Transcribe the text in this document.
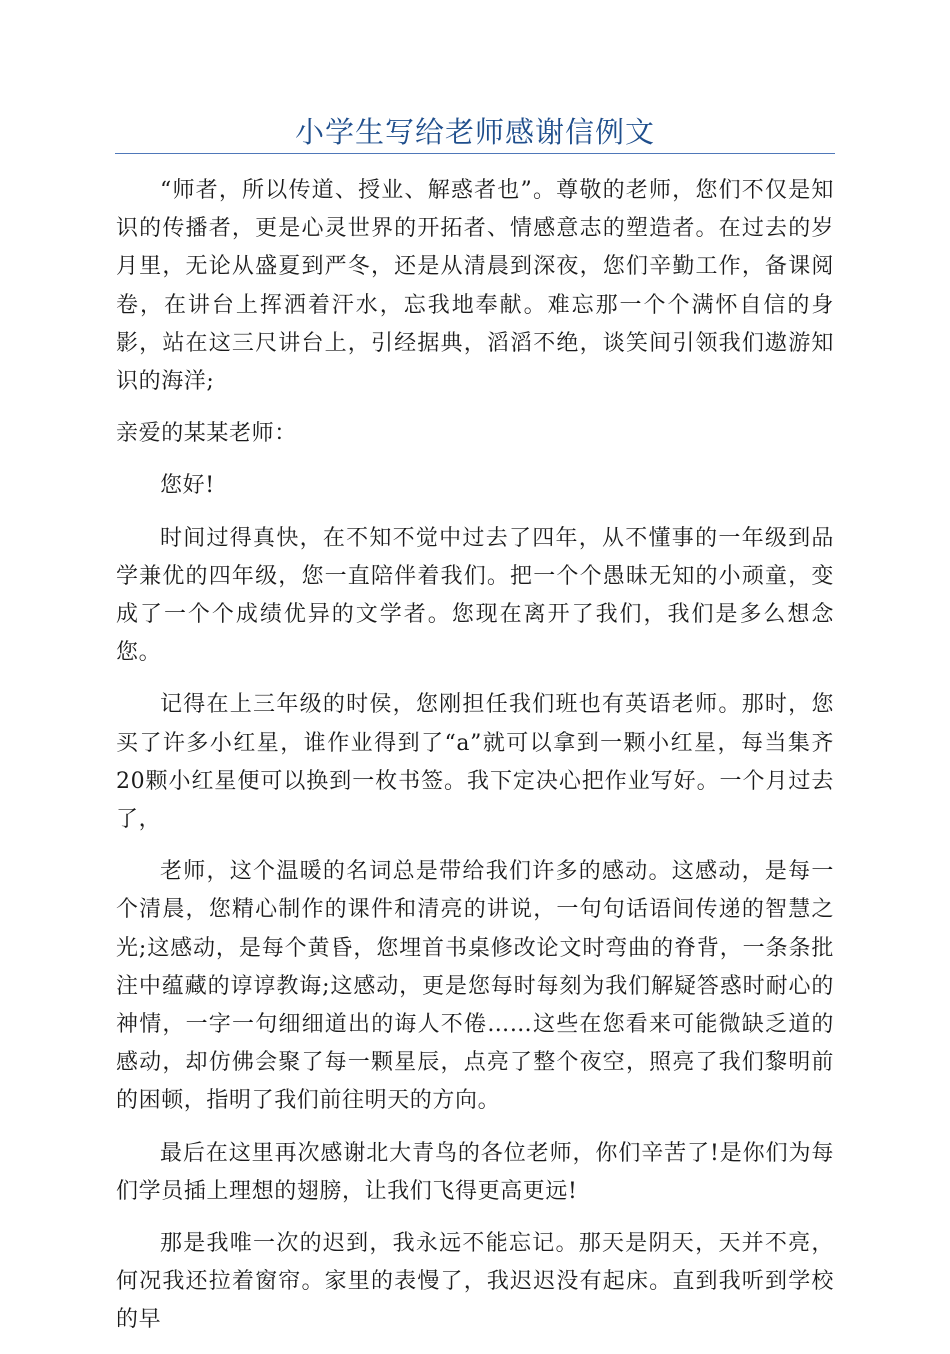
小学生写给老师感谢信例文

“师者，所以传道、授业、解惑者也”。尊敬的老师，您们不仅是知识的传播者，更是心灵世界的开拓者、情感意志的塑造者。在过去的岁月里，无论从盛夏到严冬，还是从清晨到深夜，您们辛勤工作，备课阅卷，在讲台上挥洒着汗水，忘我地奉献。难忘那一个个满怀自信的身影，站在这三尺讲台上，引经据典，滔滔不绝，谈笑间引领我们遨游知识的海洋;

亲爱的某某老师：

您好!

时间过得真快，在不知不觉中过去了四年，从不懂事的一年级到品学兼优的四年级，您一直陪伴着我们。把一个个愚昧无知的小顽童，变成了一个个成绩优异的文学者。您现在离开了我们，我们是多么想念您。

记得在上三年级的时侯，您刚担任我们班也有英语老师。那时，您买了许多小红星，谁作业得到了“a”就可以拿到一颗小红星，每当集齐20颗小红星便可以换到一枚书签。我下定决心把作业写好。一个月过去了，

老师，这个温暖的名词总是带给我们许多的感动。这感动，是每一个清晨，您精心制作的课件和清亮的讲说，一句句话语间传递的智慧之光;这感动，是每个黄昏，您埋首书桌修改论文时弯曲的脊背，一条条批注中蕴藏的谆谆教诲;这感动，更是您每时每刻为我们解疑答惑时耐心的神情，一字一句细细道出的诲人不倦……这些在您看来可能微缺乏道的感动，却仿佛会聚了每一颗星辰，点亮了整个夜空，照亮了我们黎明前的困顿，指明了我们前往明天的方向。

最后在这里再次感谢北大青鸟的各位老师，你们辛苦了!是你们为每们学员插上理想的翅膀，让我们飞得更高更远!

那是我唯一次的迟到，我永远不能忘记。那天是阴天，天并不亮，何况我还拉着窗帘。家里的表慢了，我迟迟没有起床。直到我听到学校的早
